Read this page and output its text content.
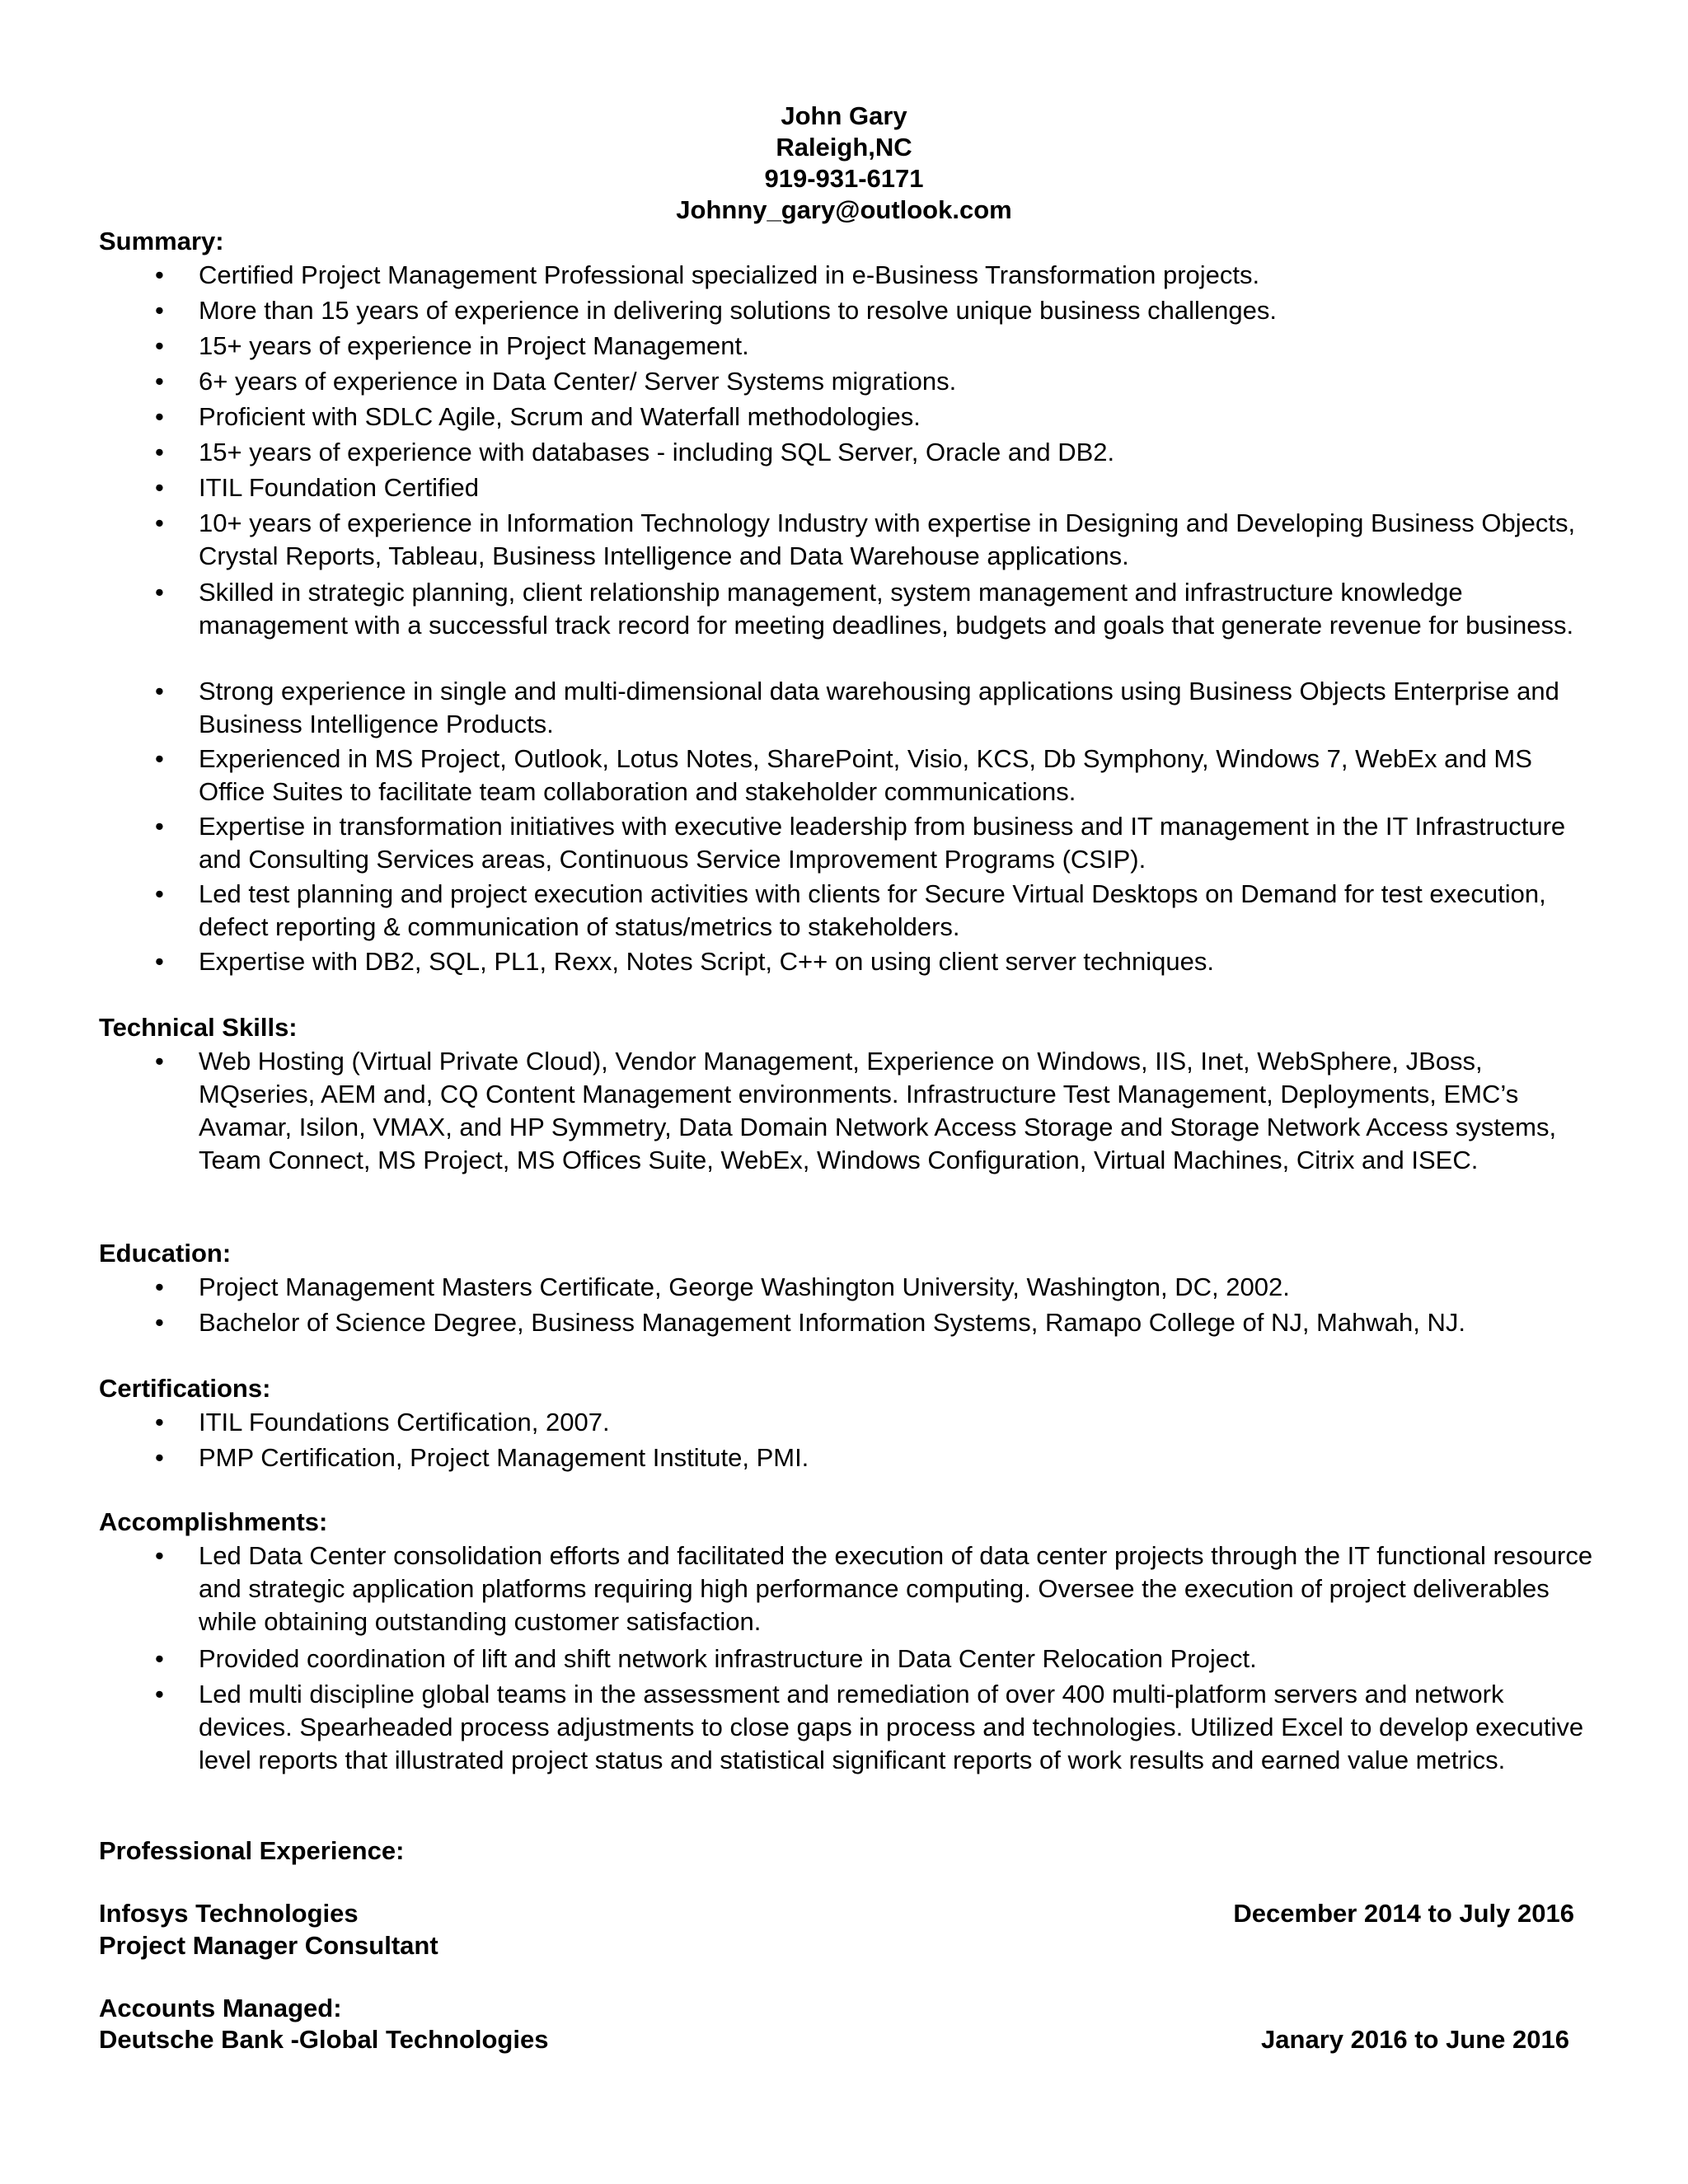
John Gary
Raleigh,NC
919-931-6171
Johnny_gary@outlook.com
Summary:
• Certified Project Management Professional specialized in e-Business Transformation projects.
• More than 15 years of experience in delivering solutions to resolve unique business challenges.
• 15+ years of experience in Project Management.
• 6+ years of experience in Data Center/ Server Systems migrations.
• Proficient with SDLC Agile, Scrum and Waterfall methodologies.
• 15+ years of experience with databases - including SQL Server, Oracle and DB2.
• ITIL Foundation Certified
• 10+ years of experience in Information Technology Industry with expertise in Designing and Developing Business Objects, Crystal Reports, Tableau, Business Intelligence and Data Warehouse applications.
• Skilled in strategic planning, client relationship management, system management and infrastructure knowledge management with a successful track record for meeting deadlines, budgets and goals that generate revenue for business.
• Strong experience in single and multi-dimensional data warehousing applications using Business Objects Enterprise and Business Intelligence Products.
• Experienced in MS Project, Outlook, Lotus Notes, SharePoint, Visio, KCS, Db Symphony, Windows 7, WebEx and MS Office Suites to facilitate team collaboration and stakeholder communications.
• Expertise in transformation initiatives with executive leadership from business and IT management in the IT Infrastructure and Consulting Services areas, Continuous Service Improvement Programs (CSIP).
• Led test planning and project execution activities with clients for Secure Virtual Desktops on Demand for test execution, defect reporting & communication of status/metrics to stakeholders.
• Expertise with DB2, SQL, PL1, Rexx, Notes Script, C++ on using client server techniques.
Technical Skills:
• Web Hosting (Virtual Private Cloud), Vendor Management, Experience on Windows, IIS, Inet, WebSphere, JBoss, MQseries, AEM and, CQ Content Management environments. Infrastructure Test Management, Deployments, EMC’s Avamar, Isilon, VMAX, and HP Symmetry, Data Domain Network Access Storage and Storage Network Access systems, Team Connect, MS Project, MS Offices Suite, WebEx, Windows Configuration, Virtual Machines, Citrix and ISEC.
Education:
• Project Management Masters Certificate, George Washington University, Washington, DC, 2002.
• Bachelor of Science Degree, Business Management Information Systems, Ramapo College of NJ, Mahwah, NJ.
Certifications:
• ITIL Foundations Certification, 2007.
• PMP Certification, Project Management Institute, PMI.
Accomplishments:
• Led Data Center consolidation efforts and facilitated the execution of data center projects through the IT functional resource and strategic application platforms requiring high performance computing. Oversee the execution of project deliverables while obtaining outstanding customer satisfaction.
• Provided coordination of lift and shift network infrastructure in Data Center Relocation Project.
• Led multi discipline global teams in the assessment and remediation of over 400 multi-platform servers and network devices. Spearheaded process adjustments to close gaps in process and technologies. Utilized Excel to develop executive level reports that illustrated project status and statistical significant reports of work results and earned value metrics.
Professional Experience:
Infosys Technologies	December 2014 to July 2016
Project Manager Consultant
Accounts Managed:
Deutsche Bank -Global Technologies	Janary 2016 to June 2016
